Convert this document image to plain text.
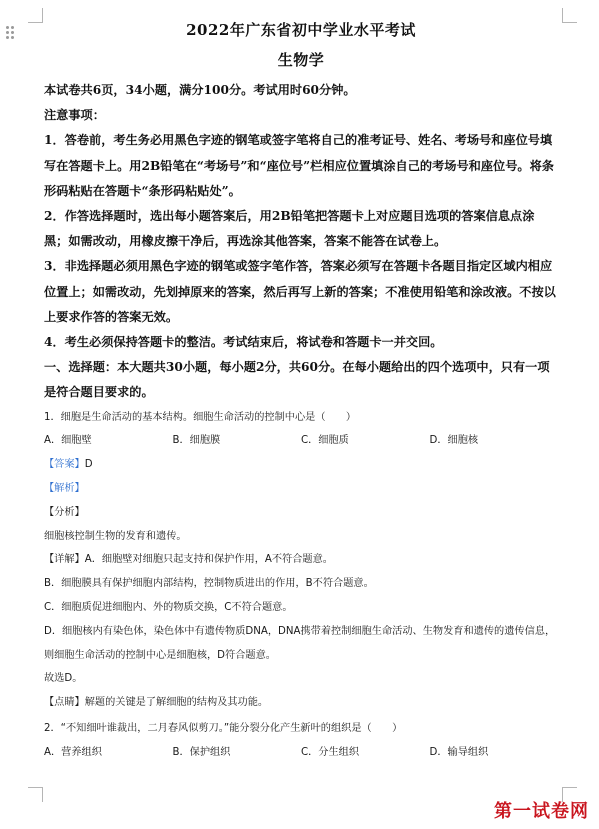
2022年广东省初中学业水平考试
生物学
本试卷共6页，34小题，满分100分。考试用时60分钟。
注意事项：
1．答卷前，考生务必用黑色字迹的钢笔或签字笔将自己的准考证号、姓名、考场号和座位号填写在答题卡上。用2B铅笔在“考场号”和“座位号”栏相应位置填涂自己的考场号和座位号。将条形码粘贴在答题卡“条形码粘贴处”。
2．作答选择题时，选出每小题答案后，用2B铅笔把答题卡上对应题目选项的答案信息点涂黑；如需改动，用橡皮擦干净后，再选涂其他答案，答案不能答在试卷上。
3．非选择题必须用黑色字迹的钢笔或签字笔作答，答案必须写在答题卡各题目指定区域内相应位置上；如需改动，先划掉原来的答案，然后再写上新的答案；不准使用铅笔和涂改液。不按以上要求作答的答案无效。
4．考生必须保持答题卡的整洁。考试结束后，将试卷和答题卡一并交回。
一、选择题：本大题共30小题，每小题2分，共60分。在每小题给出的四个选项中，只有一项是符合题目要求的。
1．细胞是生命活动的基本结构。细胞生命活动的控制中心是（　　）
A．细胞壁	B．细胞膜	C．细胞质	D．细胞核
【答案】D
【解析】
【分析】
细胞核控制生物的发育和遗传。
【详解】A．细胞壁对细胞只起支持和保护作用，A不符合题意。
B．细胞膜具有保护细胞内部结构，控制物质进出的作用，B不符合题意。
C．细胞质促进细胞内、外的物质交换，C不符合题意。
D．细胞核内有染色体，染色体中有遗传物质DNA，DNA携带着控制细胞生命活动、生物发育和遗传的遗传信息，则细胞生命活动的控制中心是细胞核，D符合题意。
故选D。
【点睛】解题的关键是了解细胞的结构及其功能。
2．“不知细叶谁裁出，二月春风似剪刀。”能分裂分化产生新叶的组织是（　　）
A．营养组织	B．保护组织	C．分生组织	D．输导组织
第一试卷网
